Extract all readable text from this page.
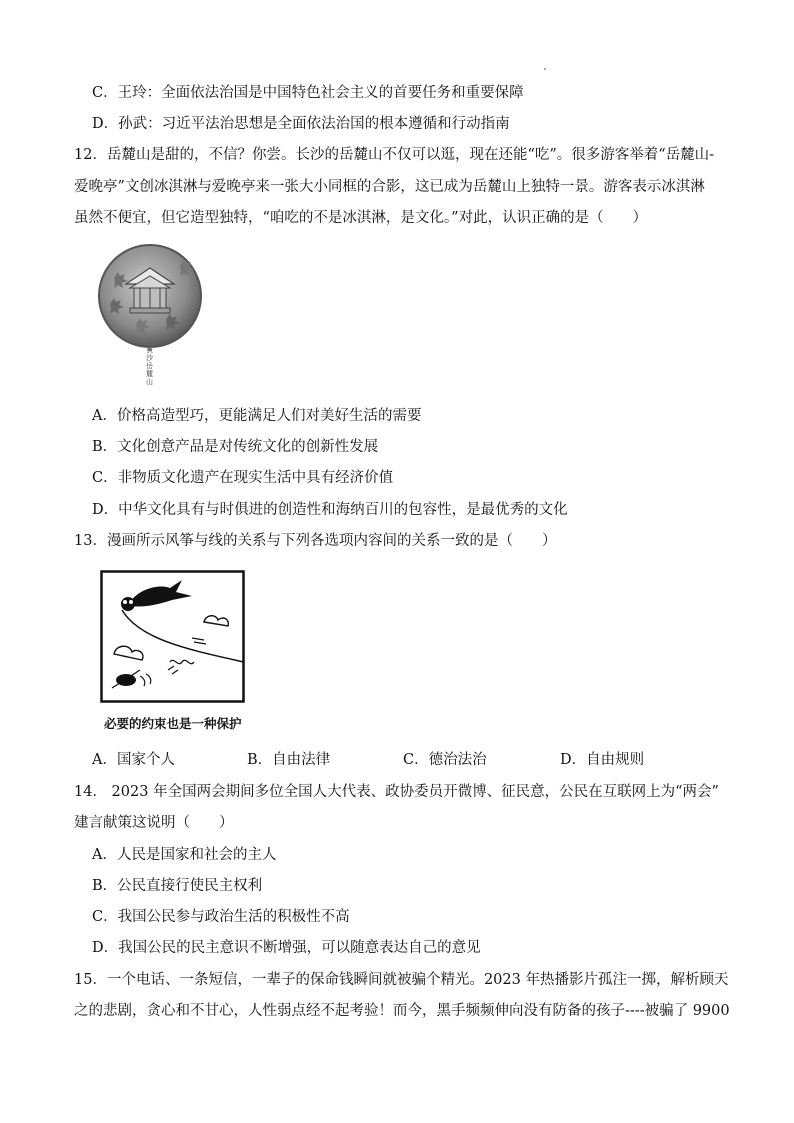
C．王玲：全面依法治国是中国特色社会主义的首要任务和重要保障
D．孙武：习近平法治思想是全面依法治国的根本遵循和行动指南
12．岳麓山是甜的，不信？你尝。长沙的岳麓山不仅可以逛，现在还能“吃”。很多游客举着“岳麓山-
爱晚亭”文创冰淇淋与爱晚亭来一张大小同框的合影，这已成为岳麓山上独特一景。游客表示冰淇淋
虽然不便宜，但它造型独特，“咱吃的不是冰淇淋，是文化。”对此，认识正确的是（　　）
长沙 岳麓山
A．价格高造型巧，更能满足人们对美好生活的需要
B．文化创意产品是对传统文化的创新性发展
C．非物质文化遗产在现实生活中具有经济价值
D．中华文化具有与时俱进的创造性和海纳百川的包容性，是最优秀的文化
13．漫画所示风筝与线的关系与下列各选项内容间的关系一致的是（　　）
必要的约束也是一种保护
A．国家个人	B．自由法律	C．德治法治	D．自由规则
14． 2023 年全国两会期间多位全国人大代表、政协委员开微博、征民意，公民在互联网上为“两会”
建言献策这说明（　　）
A．人民是国家和社会的主人
B．公民直接行使民主权利
C．我国公民参与政治生活的积极性不高
D．我国公民的民主意识不断增强，可以随意表达自己的意见
15．一个电话、一条短信，一辈子的保命钱瞬间就被骗个精光。2023 年热播影片孤注一掷，解析顾天
之的悲剧，贪心和不甘心，人性弱点经不起考验！而今，黑手频频伸向没有防备的孩子----被骗了 9900
